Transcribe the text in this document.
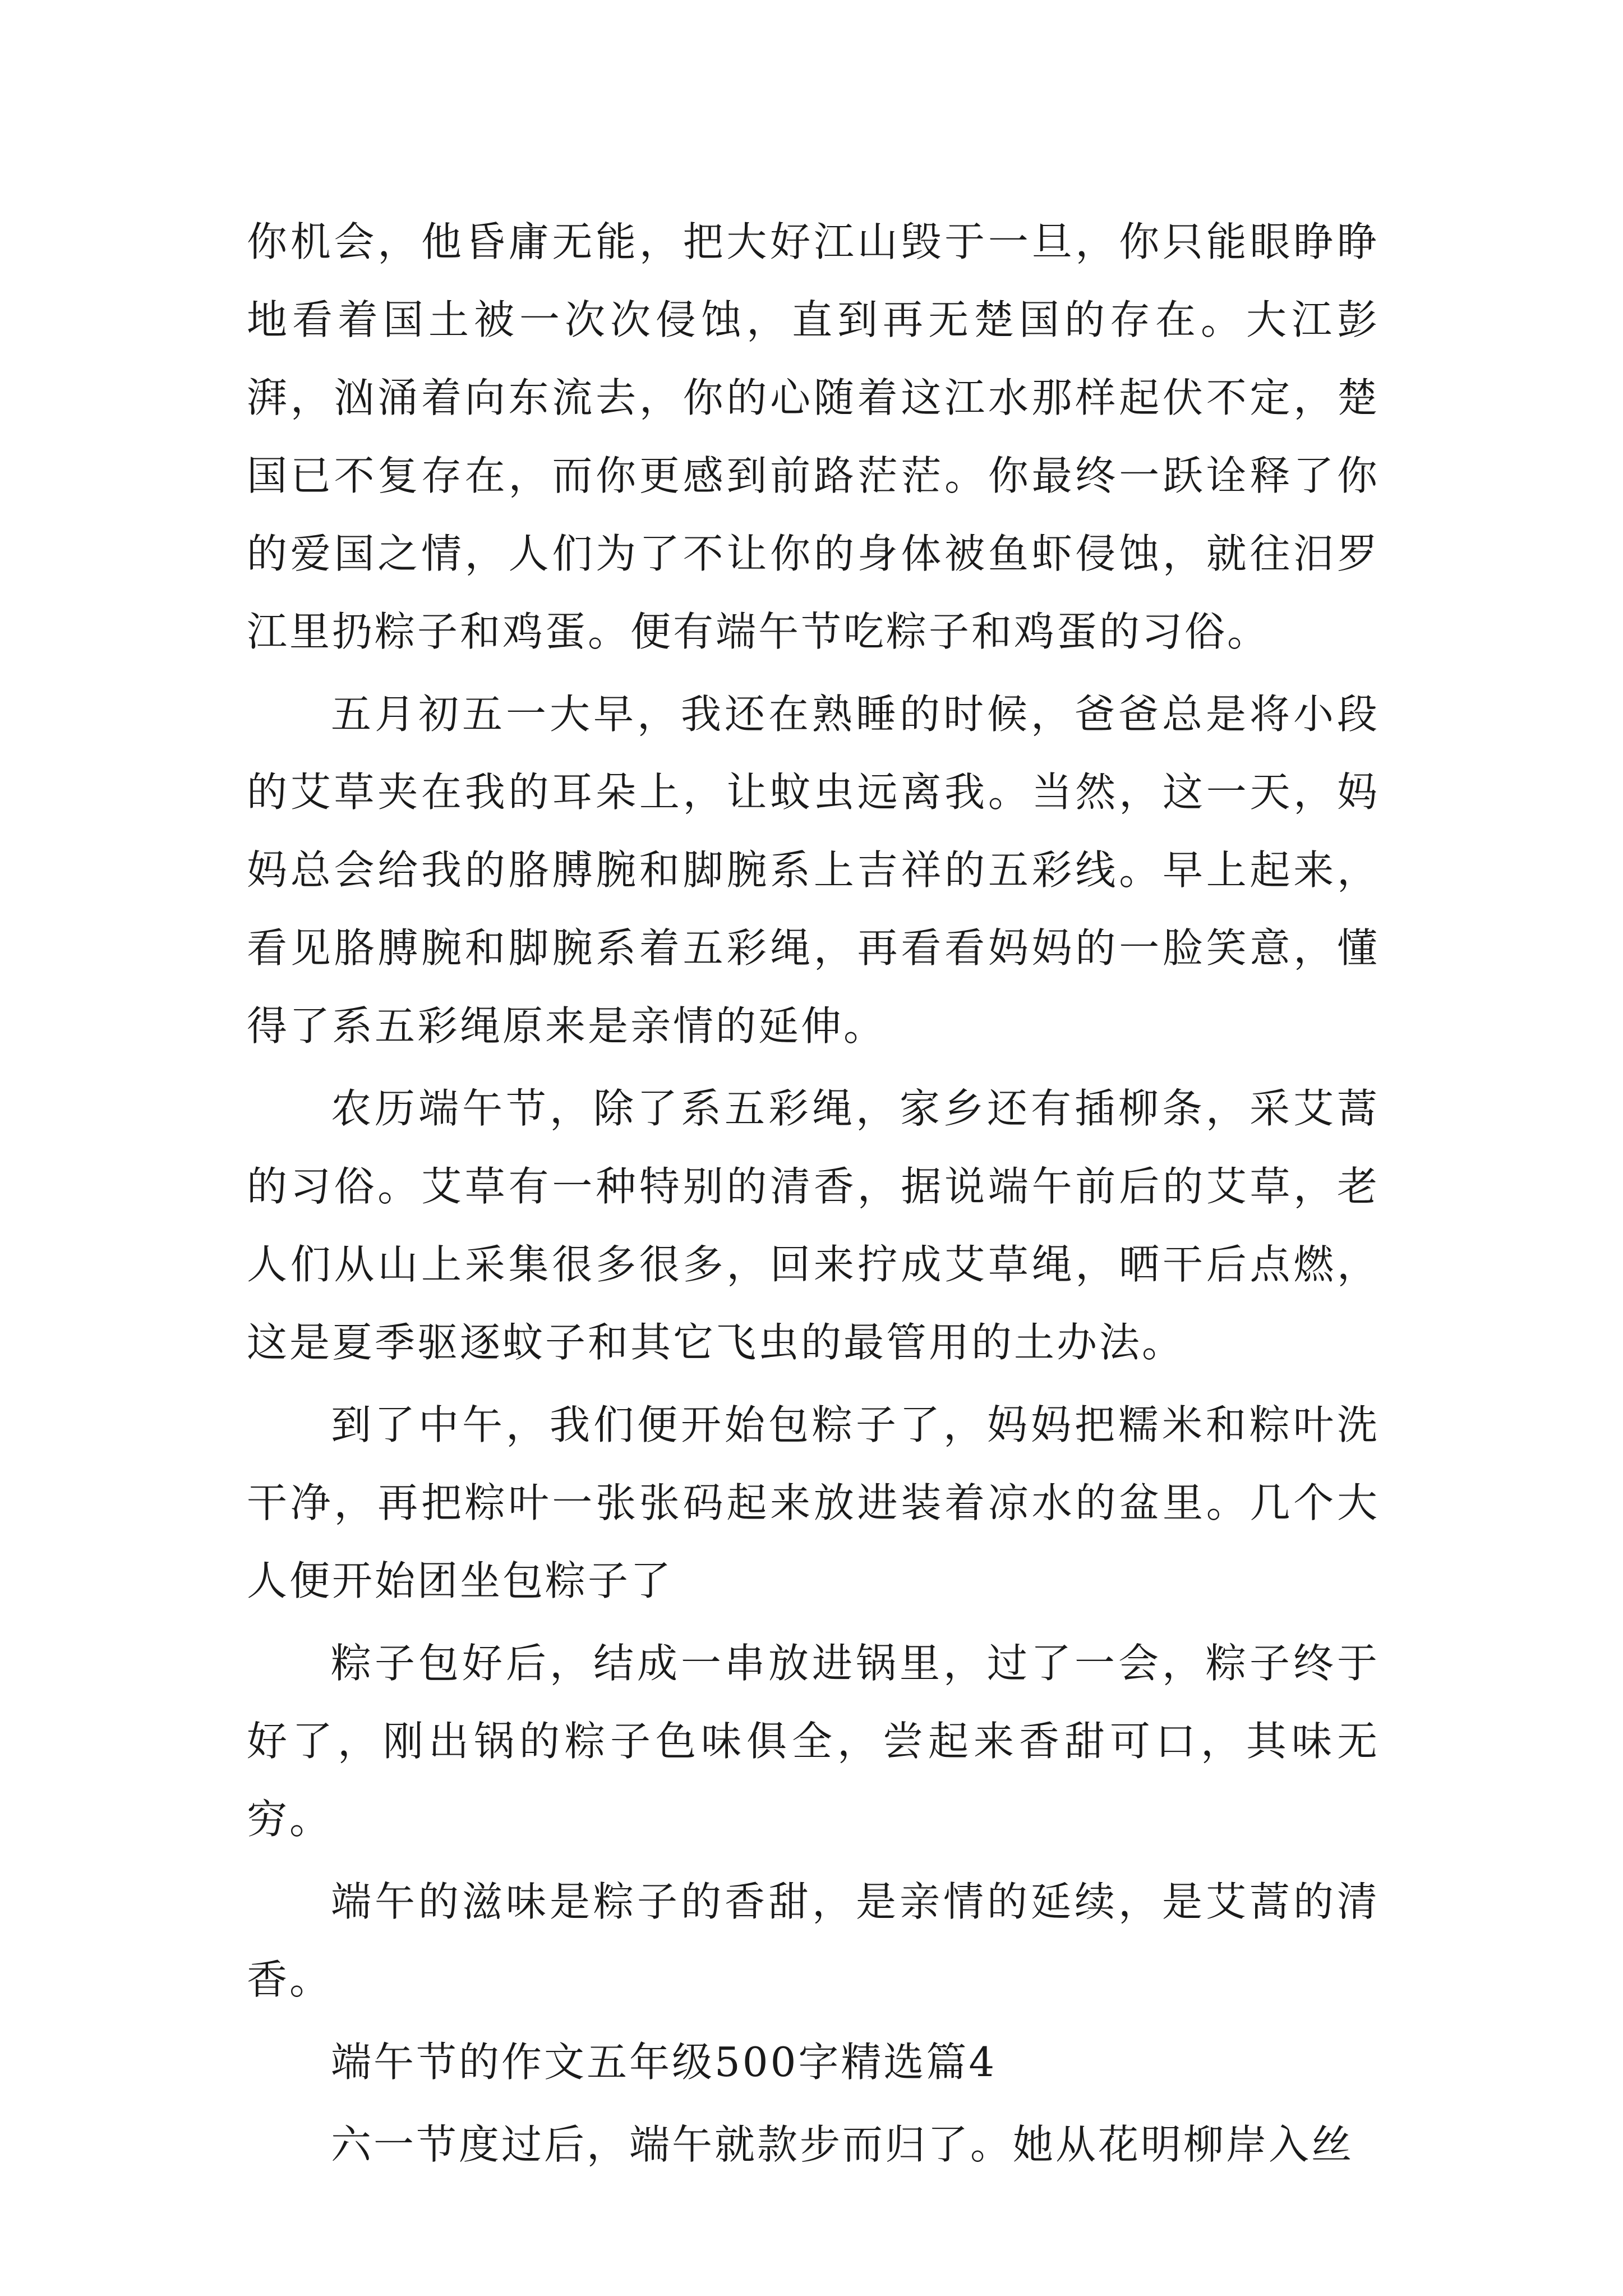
你机会，他昏庸无能，把大好江山毁于一旦，你只能眼睁睁地看着国土被一次次侵蚀，直到再无楚国的存在。大江彭湃，汹涌着向东流去，你的心随着这江水那样起伏不定，楚国已不复存在，而你更感到前路茫茫。你最终一跃诠释了你的爱国之情，人们为了不让你的身体被鱼虾侵蚀，就往汨罗江里扔粽子和鸡蛋。便有端午节吃粽子和鸡蛋的习俗。

五月初五一大早，我还在熟睡的时候，爸爸总是将小段的艾草夹在我的耳朵上，让蚊虫远离我。当然，这一天，妈妈总会给我的胳膊腕和脚腕系上吉祥的五彩线。早上起来，看见胳膊腕和脚腕系着五彩绳，再看看妈妈的一脸笑意，懂得了系五彩绳原来是亲情的延伸。

农历端午节，除了系五彩绳，家乡还有插柳条，采艾蒿的习俗。艾草有一种特别的清香，据说端午前后的艾草，老人们从山上采集很多很多，回来拧成艾草绳，晒干后点燃，这是夏季驱逐蚊子和其它飞虫的最管用的土办法。

到了中午，我们便开始包粽子了，妈妈把糯米和粽叶洗干净，再把粽叶一张张码起来放进装着凉水的盆里。几个大人便开始团坐包粽子了

粽子包好后，结成一串放进锅里，过了一会，粽子终于好了，刚出锅的粽子色味俱全，尝起来香甜可口，其味无穷。

端午的滋味是粽子的香甜，是亲情的延续，是艾蒿的清香。

端午节的作文五年级500字精选篇4

六一节度过后，端午就款步而归了。她从花明柳岸入丝
